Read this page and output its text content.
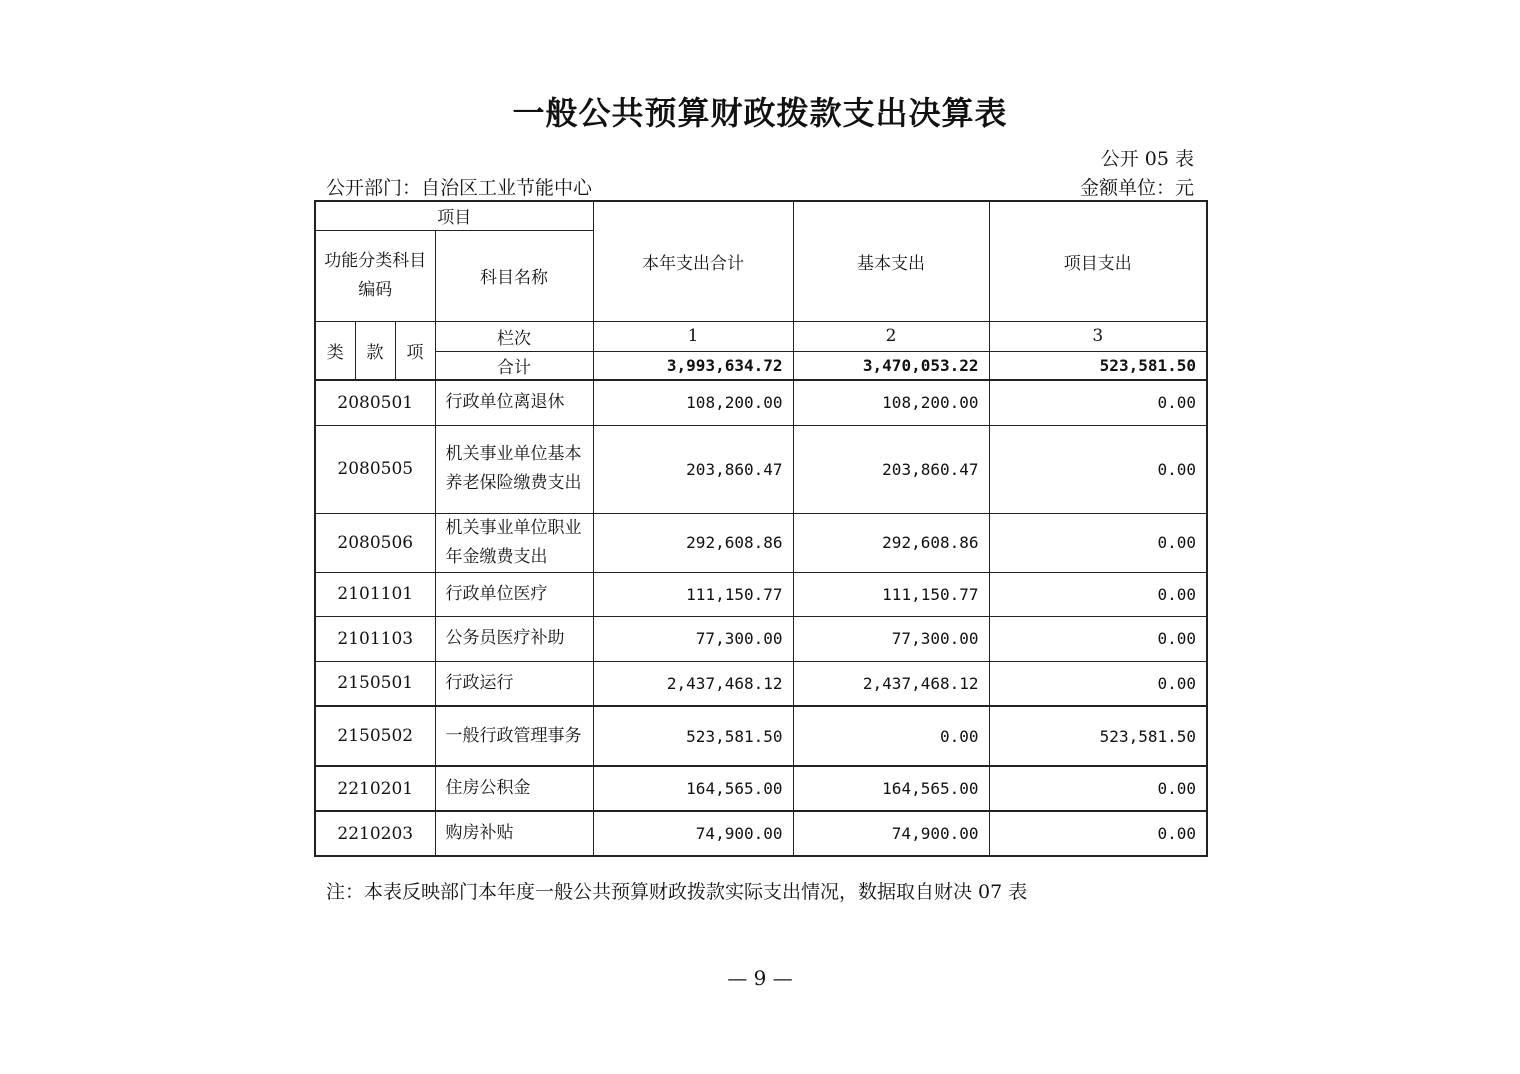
一般公共预算财政拨款支出决算表
公开 05 表
公开部门：自治区工业节能中心	金额单位：元
项目				本年支出合计	基本支出	项目支出
功能分类科目编码			科目名称			
类	款	项	栏次	1	2	3
			合计	3,993,634.72	3,470,053.22	523,581.50
2080501			行政单位离退休	108,200.00	108,200.00	0.00
2080505			机关事业单位基本养老保险缴费支出	203,860.47	203,860.47	0.00
2080506			机关事业单位职业年金缴费支出	292,608.86	292,608.86	0.00
2101101			行政单位医疗	111,150.77	111,150.77	0.00
2101103			公务员医疗补助	77,300.00	77,300.00	0.00
2150501			行政运行	2,437,468.12	2,437,468.12	0.00
2150502			一般行政管理事务	523,581.50	0.00	523,581.50
2210201			住房公积金	164,565.00	164,565.00	0.00
2210203			购房补贴	74,900.00	74,900.00	0.00
注：本表反映部门本年度一般公共预算财政拨款实际支出情况，数据取自财决 07 表
— 9 —
